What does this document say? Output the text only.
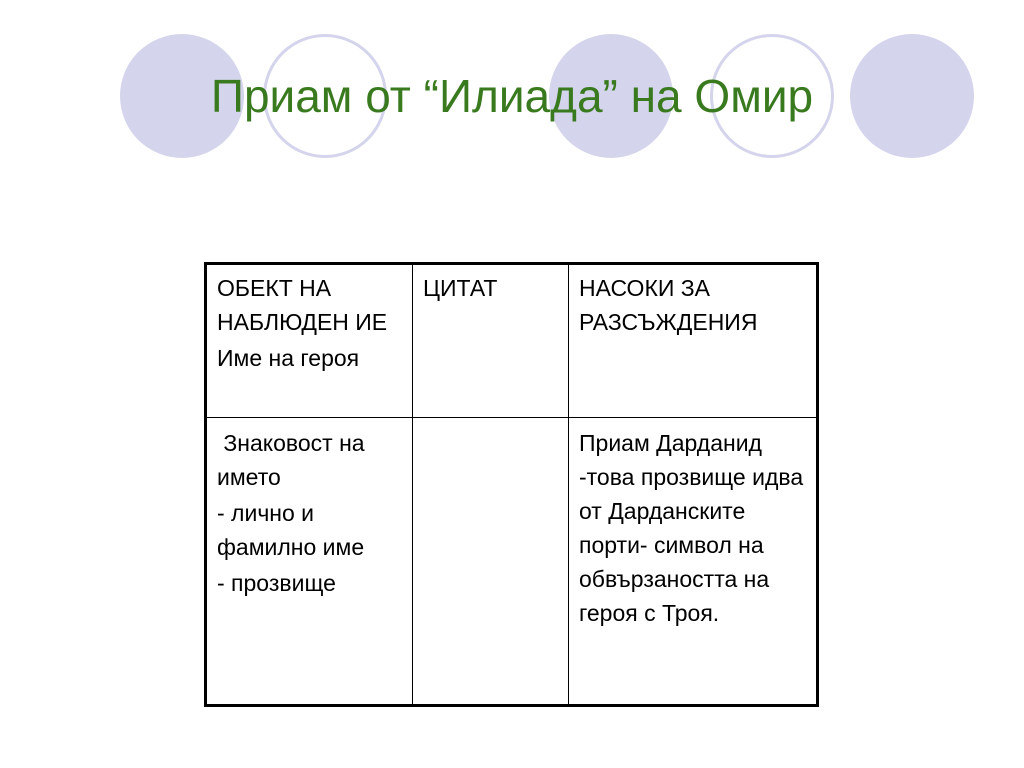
Приам от “Илиада” на Омир

ОБЕКТ НА НАБЛЮДЕН ИЕ

Име на героя

ЦИТАТ	НАСОКИ ЗА РАЗСЪЖДЕНИЯ

Знаковост на името

- лично и фамилно име

- прозвище

Приам Дарданид -това прозвище идва от Дарданските порти- символ на обвързаността на героя с Троя.
